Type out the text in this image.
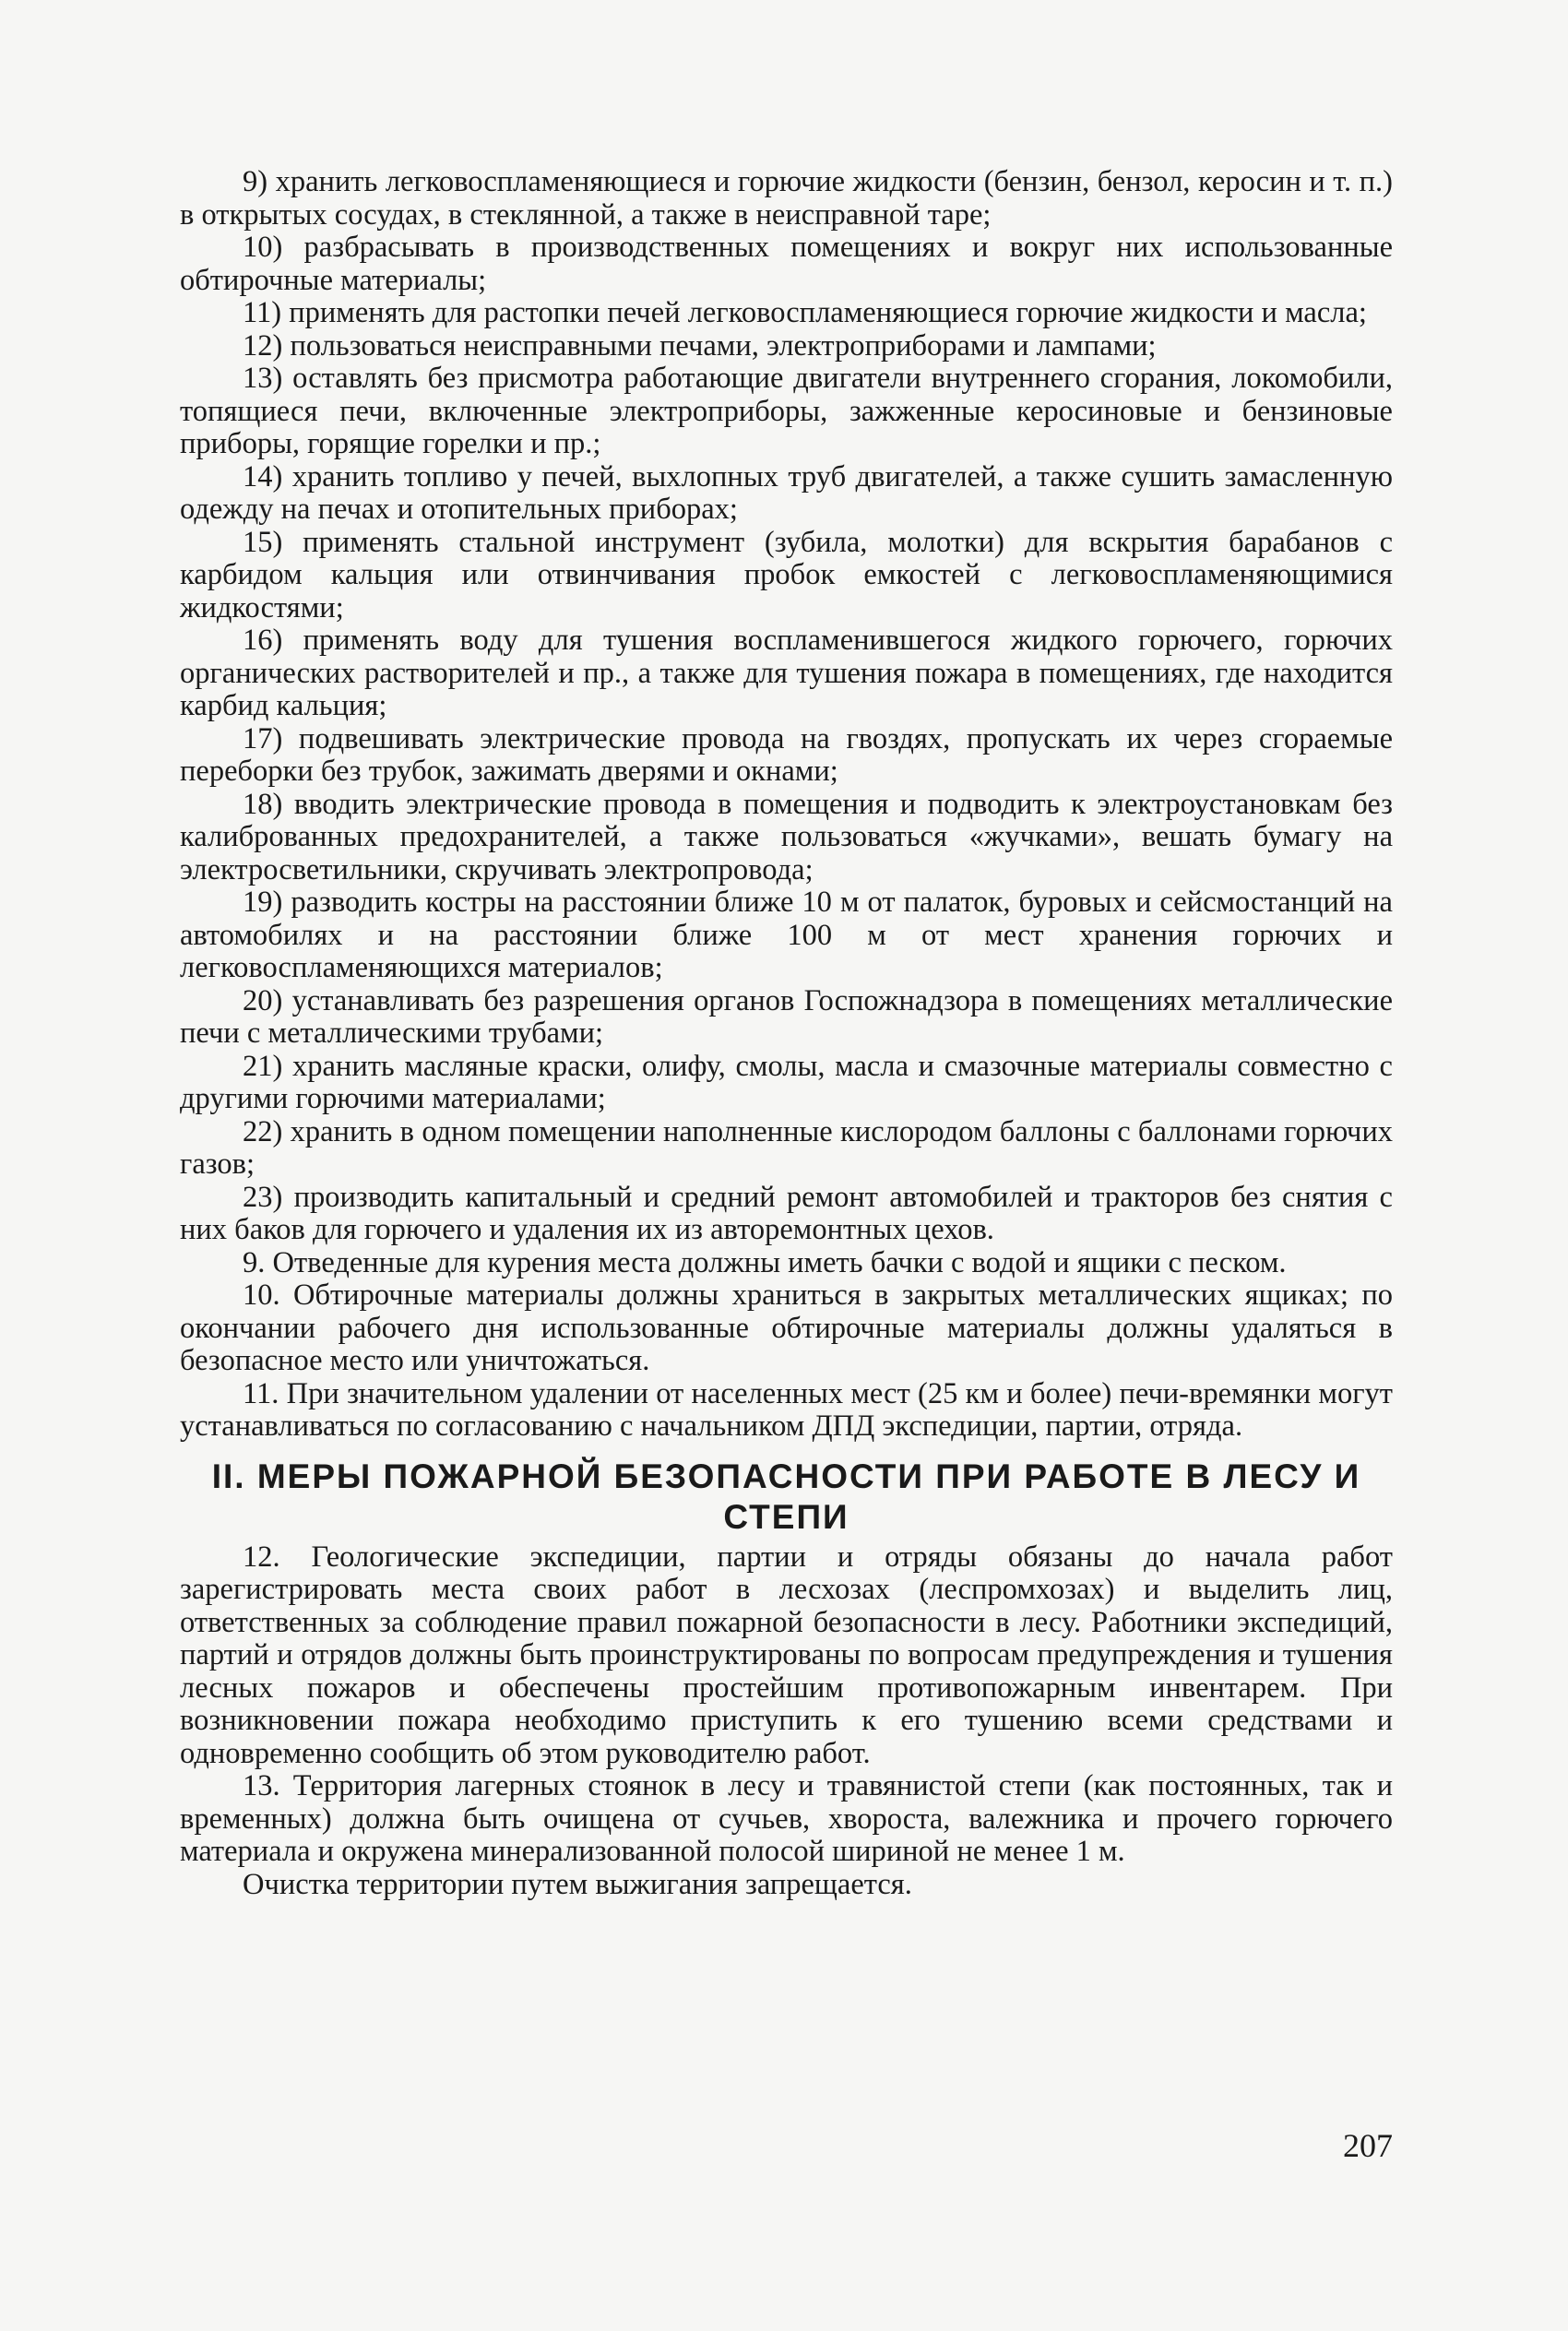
9) хранить легковоспламеняющиеся и горючие жидкости (бензин, бензол, керосин и т. п.) в открытых сосудах, в стеклянной, а также в неисправной таре;

10) разбрасывать в производственных помещениях и вокруг них использованные обтирочные материалы;

11) применять для растопки печей легковоспламеняющиеся горючие жидкости и масла;

12) пользоваться неисправными печами, электроприборами и лампами;

13) оставлять без присмотра работающие двигатели внутреннего сгорания, локомобили, топящиеся печи, включенные электроприборы, зажженные керосиновые и бензиновые приборы, горящие горелки и пр.;

14) хранить топливо у печей, выхлопных труб двигателей, а также сушить замасленную одежду на печах и отопительных приборах;

15) применять стальной инструмент (зубила, молотки) для вскрытия барабанов с карбидом кальция или отвинчивания пробок емкостей с легковоспламеняющимися жидкостями;

16) применять воду для тушения воспламенившегося жидкого горючего, горючих органических растворителей и пр., а также для тушения пожара в помещениях, где находится карбид кальция;

17) подвешивать электрические провода на гвоздях, пропускать их через сгораемые переборки без трубок, зажимать дверями и окнами;

18) вводить электрические провода в помещения и подводить к электроустановкам без калиброванных предохранителей, а также пользоваться «жучками», вешать бумагу на электросветильники, скручивать электропровода;

19) разводить костры на расстоянии ближе 10 м от палаток, буровых и сейсмостанций на автомобилях и на расстоянии ближе 100 м от мест хранения горючих и легковоспламеняющихся материалов;

20) устанавливать без разрешения органов Госпожнадзора в помещениях металлические печи с металлическими трубами;

21) хранить масляные краски, олифу, смолы, масла и смазочные материалы совместно с другими горючими материалами;

22) хранить в одном помещении наполненные кислородом баллоны с баллонами горючих газов;

23) производить капитальный и средний ремонт автомобилей и тракторов без снятия с них баков для горючего и удаления их из авторемонтных цехов.

9. Отведенные для курения места должны иметь бачки с водой и ящики с песком.

10. Обтирочные материалы должны храниться в закрытых металлических ящиках; по окончании рабочего дня использованные обтирочные материалы должны удаляться в безопасное место или уничтожаться.

11. При значительном удалении от населенных мест (25 км и более) печи-времянки могут устанавливаться по согласованию с начальником ДПД экспедиции, партии, отряда.

II. МЕРЫ ПОЖАРНОЙ БЕЗОПАСНОСТИ ПРИ РАБОТЕ В ЛЕСУ И СТЕПИ

12. Геологические экспедиции, партии и отряды обязаны до начала работ зарегистрировать места своих работ в лесхозах (леспромхозах) и выделить лиц, ответственных за соблюдение правил пожарной безопасности в лесу. Работники экспедиций, партий и отрядов должны быть проинструктированы по вопросам предупреждения и тушения лесных пожаров и обеспечены простейшим противопожарным инвентарем. При возникновении пожара необходимо приступить к его тушению всеми средствами и одновременно сообщить об этом руководителю работ.

13. Территория лагерных стоянок в лесу и травянистой степи (как постоянных, так и временных) должна быть очищена от сучьев, хвороста, валежника и прочего горючего материала и окружена минерализованной полосой шириной не менее 1 м.

Очистка территории путем выжигания запрещается.

207
